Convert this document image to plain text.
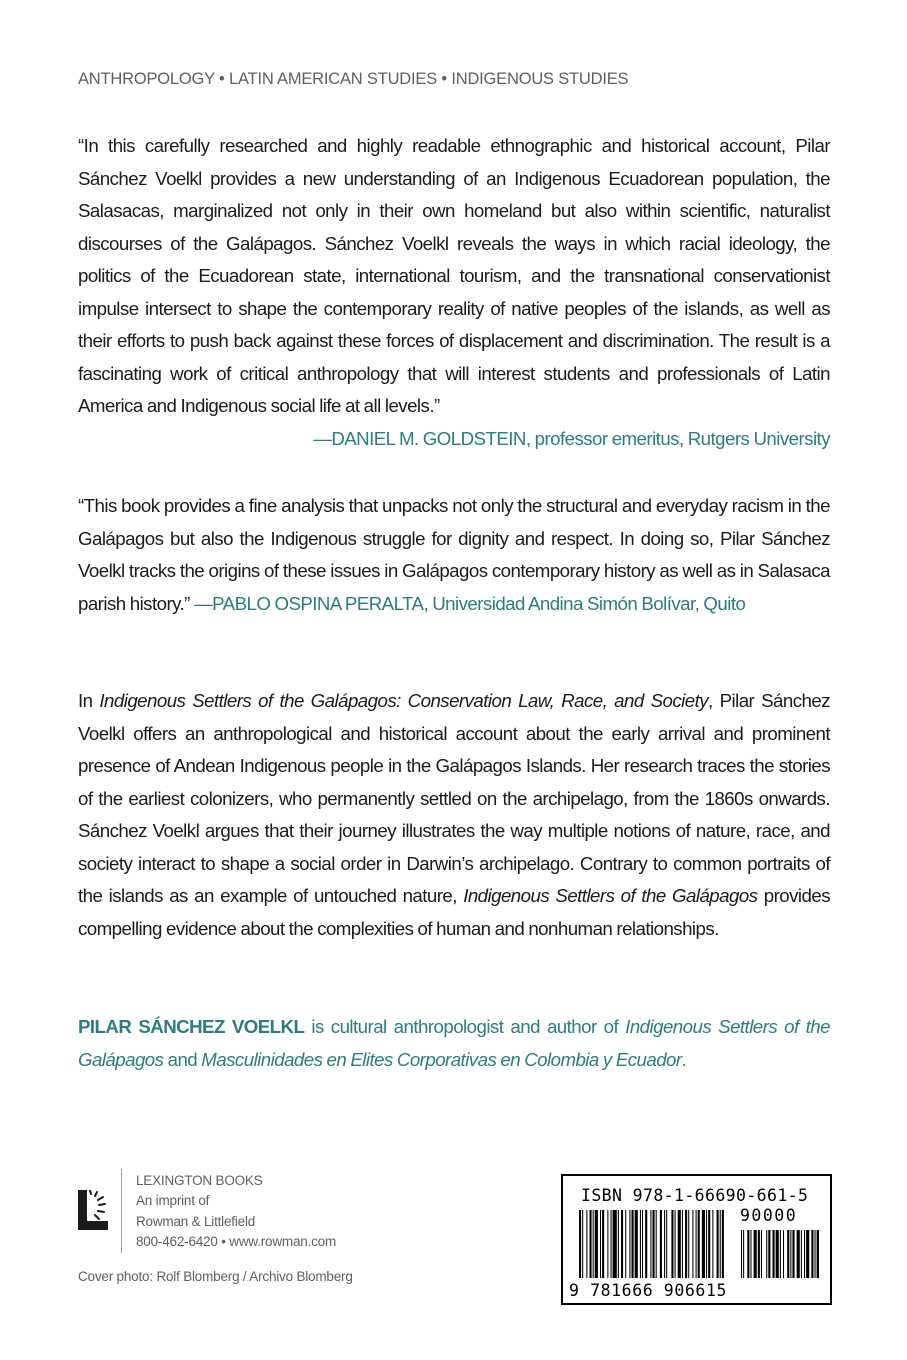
ANTHROPOLOGY • LATIN AMERICAN STUDIES • INDIGENOUS STUDIES

“In this carefully researched and highly readable ethnographic and historical account, Pilar Sánchez Voelkl provides a new understanding of an Indigenous Ecuadorean population, the Salasacas, marginalized not only in their own homeland but also within scientific, naturalist discourses of the Galápagos. Sánchez Voelkl reveals the ways in which racial ideology, the politics of the Ecuadorean state, international tourism, and the transnational conservationist impulse intersect to shape the contemporary reality of native peoples of the islands, as well as their efforts to push back against these forces of displacement and discrimination. The result is a fascinating work of critical anthropology that will interest students and professionals of Latin America and Indigenous social life at all levels.”
—DANIEL M. GOLDSTEIN, professor emeritus, Rutgers University

“This book provides a fine analysis that unpacks not only the structural and everyday racism in the Galápagos but also the Indigenous struggle for dignity and respect. In doing so, Pilar Sánchez Voelkl tracks the origins of these issues in Galápagos contemporary history as well as in Salasaca parish history.” —PABLO OSPINA PERALTA, Universidad Andina Simón Bolívar, Quito

In Indigenous Settlers of the Galápagos: Conservation Law, Race, and Society, Pilar Sánchez Voelkl offers an anthropological and historical account about the early arrival and prominent presence of Andean Indigenous people in the Galápagos Islands. Her research traces the stories of the earliest colonizers, who permanently settled on the archipelago, from the 1860s onwards. Sánchez Voelkl argues that their journey illustrates the way multiple notions of nature, race, and society interact to shape a social order in Darwin’s archipelago. Contrary to common portraits of the islands as an example of untouched nature, Indigenous Settlers of the Galápagos provides compelling evidence about the complexities of human and nonhuman relationships.

PILAR SÁNCHEZ VOELKL is cultural anthropologist and author of Indigenous Settlers of the Galápagos and Masculinidades en Elites Corporativas en Colombia y Ecuador.

LEXINGTON BOOKS
An imprint of
Rowman & Littlefield
800-462-6420 • www.rowman.com
Cover photo: Rolf Blomberg / Archivo Blomberg
ISBN 978-1-66690-661-5
90000
9 781666 906615
